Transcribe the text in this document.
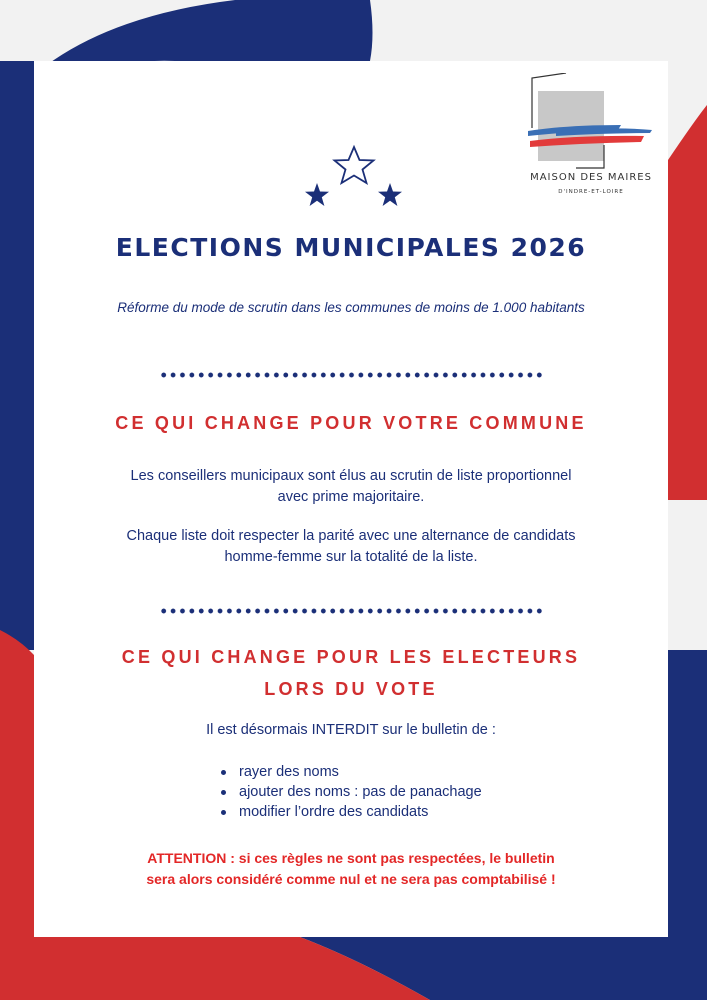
MAISON DES MAIRES
D'INDRE-ET-LOIRE
ELECTIONS MUNICIPALES 2026
Réforme du mode de scrutin dans les communes de moins de 1.000 habitants
CE QUI CHANGE POUR VOTRE COMMUNE
Les conseillers municipaux sont élus au scrutin de liste proportionnel avec prime majoritaire.
Chaque liste doit respecter la parité avec une alternance de candidats homme-femme sur la totalité de la liste.
CE QUI CHANGE POUR LES ELECTEURS
LORS DU VOTE
Il est désormais INTERDIT sur le bulletin de :
rayer des noms
ajouter des noms : pas de panachage
modifier l’ordre des candidats
ATTENTION : si ces règles ne sont pas respectées, le bulletin sera alors considéré comme nul et ne sera pas comptabilisé !
